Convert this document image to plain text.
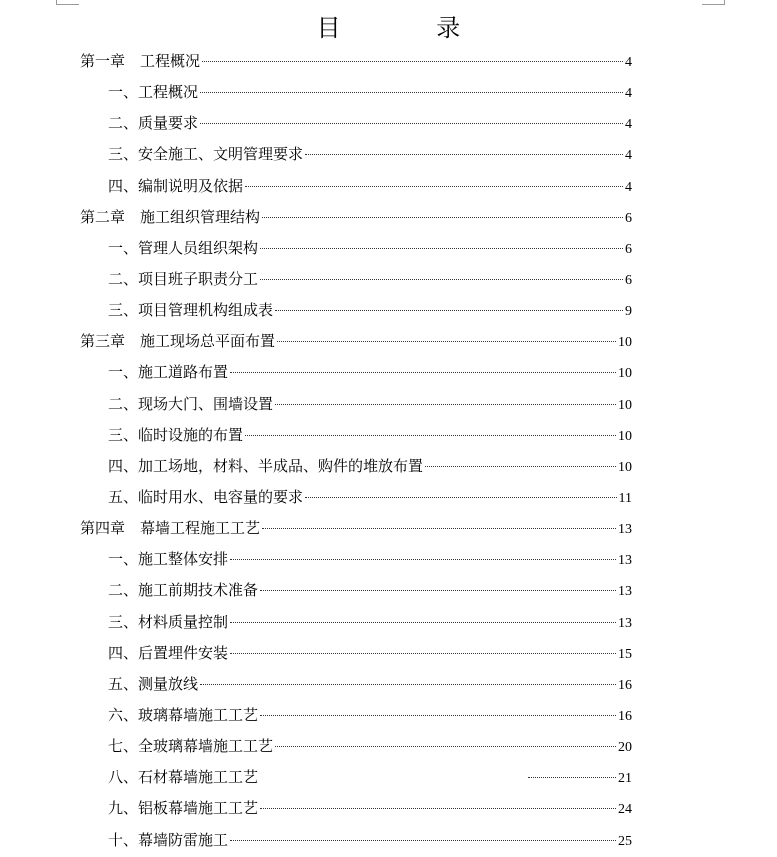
目 录
第一章　工程概况	4
一、工程概况	4
二、质量要求	4
三、安全施工、文明管理要求	4
四、编制说明及依据	4
第二章　施工组织管理结构	6
一、管理人员组织架构	6
二、项目班子职责分工	6
三、项目管理机构组成表	9
第三章　施工现场总平面布置	10
一、施工道路布置	10
二、现场大门、围墙设置	10
三、临时设施的布置	10
四、加工场地，材料、半成品、购件的堆放布置	10
五、临时用水、电容量的要求	11
第四章　幕墙工程施工工艺	13
一、施工整体安排	13
二、施工前期技术准备	13
三、材料质量控制	13
四、后置埋件安装	15
五、测量放线	16
六、玻璃幕墙施工工艺	16
七、全玻璃幕墙施工工艺	20
八、石材幕墙施工工艺	21
九、铝板幕墙施工工艺	24
十、幕墙防雷施工	25
